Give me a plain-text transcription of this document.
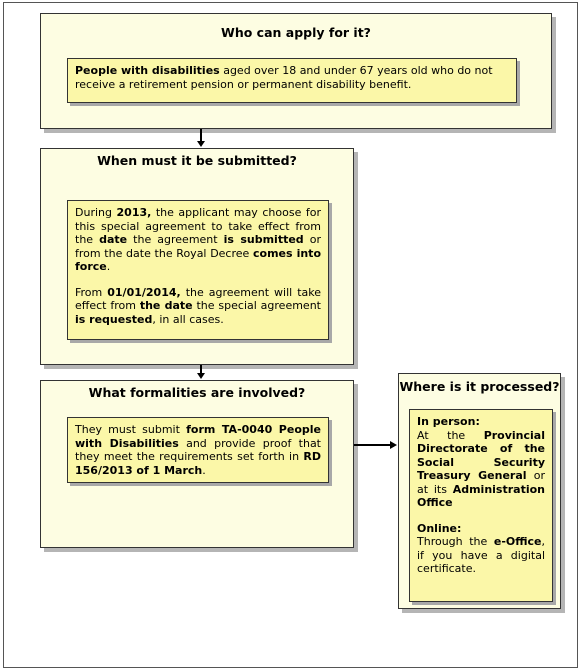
Who can apply for it?

People with disabilities aged over 18 and under 67 years old who do not receive a retirement pension or permanent disability benefit.

When must it be submitted?

During 2013, the applicant may choose for this special agreement to take effect from the date the agreement is submitted or from the date the Royal Decree comes into force.

From 01/01/2014, the agreement will take effect from the date the special agreement is requested, in all cases.

What formalities are involved?

They must submit form TA-0040 People with Disabilities and provide proof that they meet the requirements set forth in RD 156/2013 of 1 March.

Where is it processed?

In person:

At the Provincial Directorate of the Social Security Treasury General or at its Administration Office

Online:

Through the e-Office, if you have a digital certificate.
